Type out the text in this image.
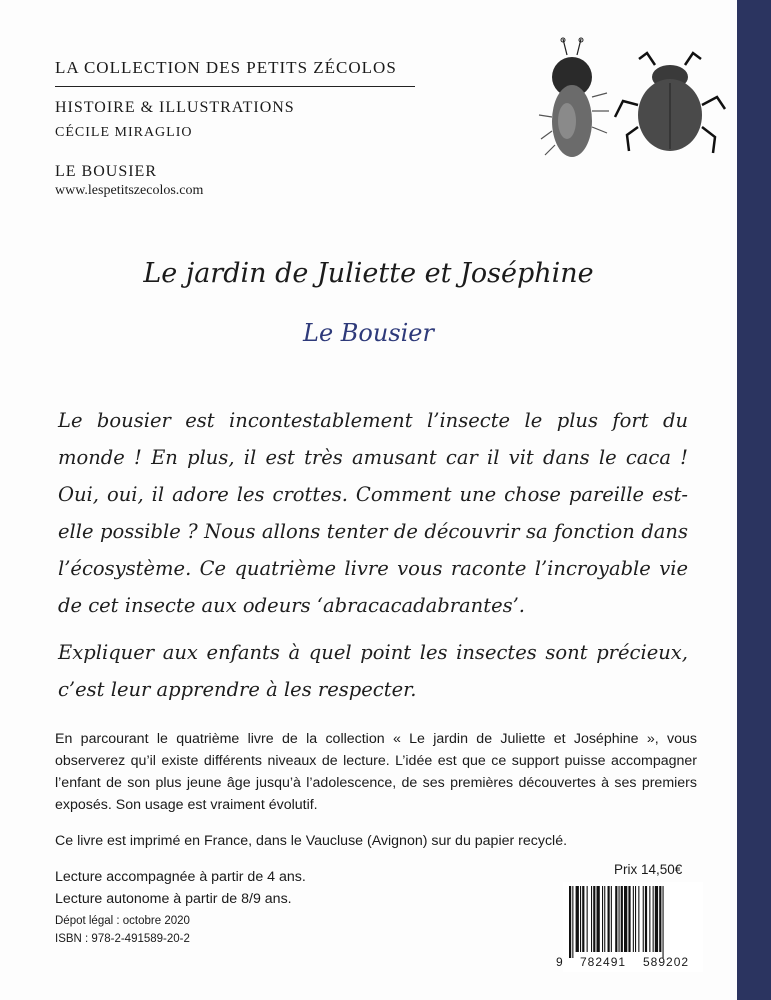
LA COLLECTION DES PETITS ZÉCOLOS
HISTOIRE & ILLUSTRATIONS
CÉCILE MIRAGLIO
LE BOUSIER
www.lespetitszecolos.com
Le jardin de Juliette et Joséphine
Le Bousier

Le bousier est incontestablement l’insecte le plus fort du monde ! En plus, il est très amusant car il vit dans le caca ! Oui, oui, il adore les crottes. Comment une chose pareille est-elle possible ? Nous allons tenter de découvrir sa fonction dans l’écosystème. Ce quatrième livre vous raconte l’incroyable vie de cet insecte aux odeurs ‘abracacadabrantes’.

Expliquer aux enfants à quel point les insectes sont précieux, c’est leur apprendre à les respecter.

En parcourant le quatrième livre de la collection « Le jardin de Juliette et Joséphine », vous observerez qu’il existe différents niveaux de lecture. L’idée est que ce support puisse accompagner l’enfant de son plus jeune âge jusqu’à l’adolescence, de ses premières découvertes à ses premiers exposés. Son usage est vraiment évolutif.

Ce livre est imprimé en France, dans le Vaucluse (Avignon) sur du papier recyclé.

Lecture accompagnée à partir de 4 ans.

Lecture autonome à partir de 8/9 ans.

Dépot légal : octobre 2020
ISBN : 978-2-491589-20-2
Prix 14,50€
9 782491 589202
